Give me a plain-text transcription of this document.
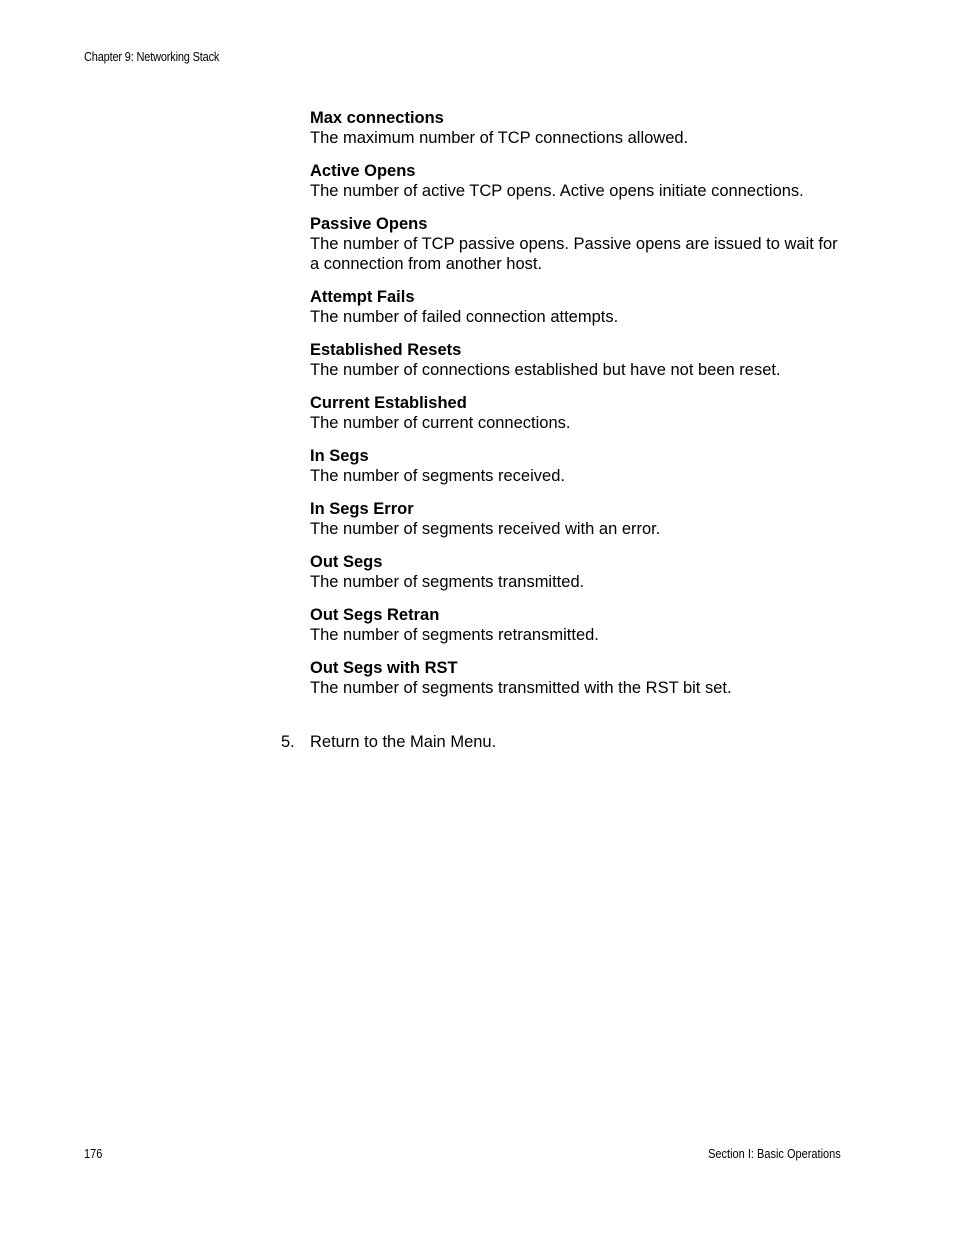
Chapter 9: Networking Stack
Max connections
The maximum number of TCP connections allowed.
Active Opens
The number of active TCP opens. Active opens initiate connections.
Passive Opens
The number of TCP passive opens. Passive opens are issued to wait for a connection from another host.
Attempt Fails
The number of failed connection attempts.
Established Resets
The number of connections established but have not been reset.
Current Established
The number of current connections.
In Segs
The number of segments received.
In Segs Error
The number of segments received with an error.
Out Segs
The number of segments transmitted.
Out Segs Retran
The number of segments retransmitted.
Out Segs with RST
The number of segments transmitted with the RST bit set.
5. Return to the Main Menu.
176	Section I: Basic Operations
